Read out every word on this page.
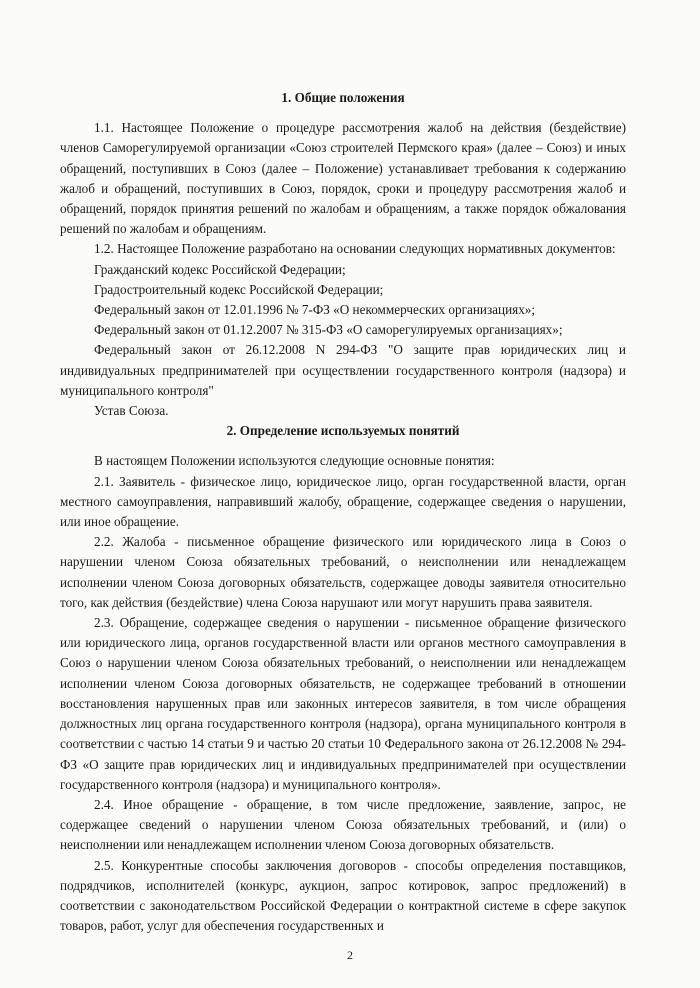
1. Общие положения

1.1. Настоящее Положение о процедуре рассмотрения жалоб на действия (бездействие) членов Саморегулируемой организации «Союз строителей Пермского края» (далее – Союз) и иных обращений, поступивших в Союз (далее – Положение) устанавливает требования к содержанию жалоб и обращений, поступивших в Союз, порядок, сроки и процедуру рассмотрения жалоб и обращений, порядок принятия решений по жалобам и обращениям, а также порядок обжалования решений по жалобам и обращениям.

1.2. Настоящее Положение разработано на основании следующих нормативных документов:

Гражданский кодекс Российской Федерации;
Градостроительный кодекс Российской Федерации;
Федеральный закон от 12.01.1996 № 7-ФЗ «О некоммерческих организациях»;
Федеральный закон от 01.12.2007 № 315-ФЗ «О саморегулируемых организациях»;
Федеральный закон от 26.12.2008 N 294-ФЗ "О защите прав юридических лиц и индивидуальных предпринимателей при осуществлении государственного контроля (надзора) и муниципального контроля"
Устав Союза.
2. Определение используемых понятий

В настоящем Положении используются следующие основные понятия:

2.1. Заявитель - физическое лицо, юридическое лицо, орган государственной власти, орган местного самоуправления, направивший жалобу, обращение, содержащее сведения о нарушении, или иное обращение.

2.2. Жалоба - письменное обращение физического или юридического лица в Союз о нарушении членом Союза обязательных требований, о неисполнении или ненадлежащем исполнении членом Союза договорных обязательств, содержащее доводы заявителя относительно того, как действия (бездействие) члена Союза нарушают или могут нарушить права заявителя.

2.3. Обращение, содержащее сведения о нарушении - письменное обращение физического или юридического лица, органов государственной власти или органов местного самоуправления в Союз о нарушении членом Союза обязательных требований, о неисполнении или ненадлежащем исполнении членом Союза договорных обязательств, не содержащее требований в отношении восстановления нарушенных прав или законных интересов заявителя, в том числе обращения должностных лиц органа государственного контроля (надзора), органа муниципального контроля в соответствии с частью 14 статьи 9 и частью 20 статьи 10 Федерального закона от 26.12.2008 № 294-ФЗ «О защите прав юридических лиц и индивидуальных предпринимателей при осуществлении государственного контроля (надзора) и муниципального контроля».

2.4. Иное обращение - обращение, в том числе предложение, заявление, запрос, не содержащее сведений о нарушении членом Союза обязательных требований, и (или) о неисполнении или ненадлежащем исполнении членом Союза договорных обязательств.

2.5. Конкурентные способы заключения договоров - способы определения поставщиков, подрядчиков, исполнителей (конкурс, аукцион, запрос котировок, запрос предложений) в соответствии с законодательством Российской Федерации о контрактной системе в сфере закупок товаров, работ, услуг для обеспечения государственных и

2
